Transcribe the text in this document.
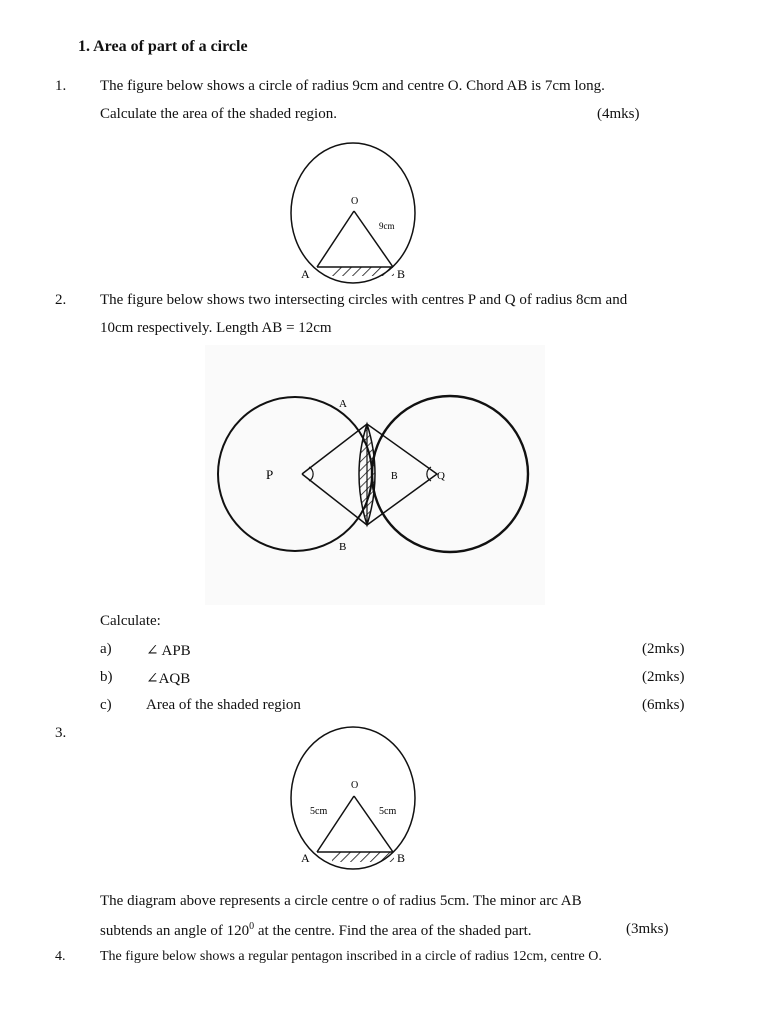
1. Area of part of a circle
1. The figure below shows a circle of radius 9cm and centre O. Chord AB is 7cm long.
Calculate the area of the shaded region.	(4mks)
O
9cm
A	B
2. The figure below shows two intersecting circles with centres P and Q of radius 8cm and
10cm respectively. Length AB = 12cm
A
B
P	Q
B
Calculate:
a) ∠ APB	(2mks)
b) ∠AQB	(2mks)
c) Area of the shaded region	(6mks)
3.
O
5cm	5cm
A	B
The diagram above represents a circle centre o of radius 5cm. The minor arc AB
subtends an angle of $120^0$ at the centre. Find the area of the shaded part.	(3mks)
4. The figure below shows a regular pentagon inscribed in a circle of radius 12cm, centre O.
